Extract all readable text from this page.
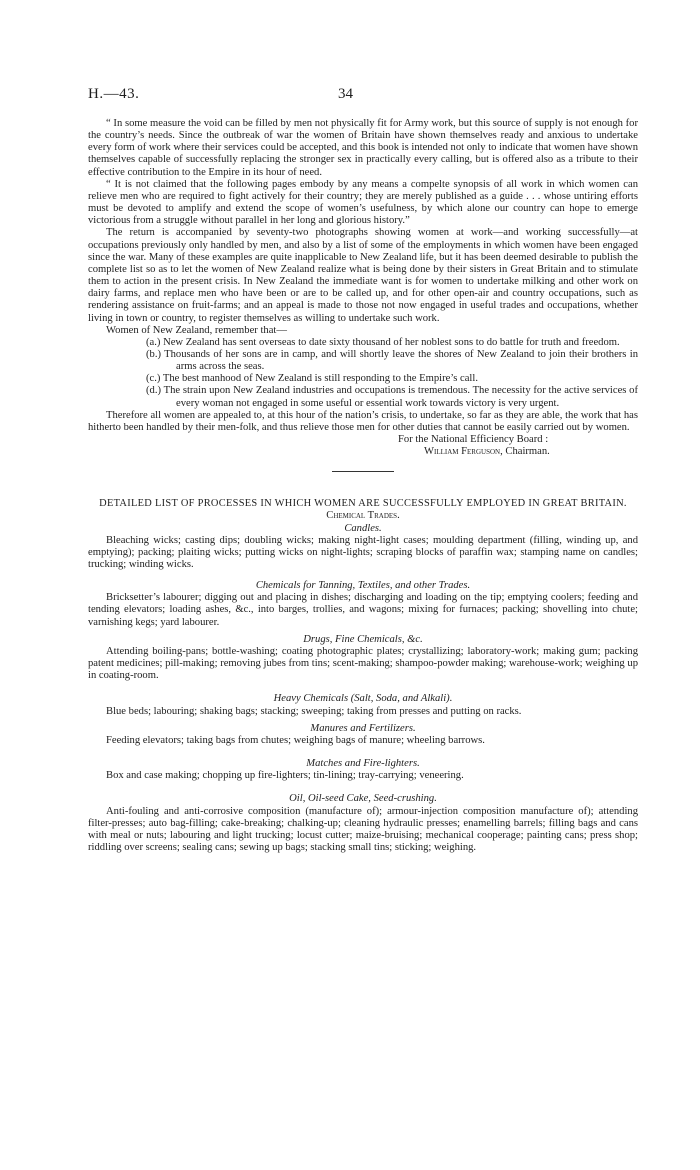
H.—43.	34

“ In some measure the void can be filled by men not physically fit for Army work, but this source of supply is not enough for the country’s needs. Since the outbreak of war the women of Britain have shown themselves ready and anxious to undertake every form of work where their services could be accepted, and this book is intended not only to indicate that women have shown themselves capable of successfully replacing the stronger sex in practically every calling, but is offered also as a tribute to their effective contribution to the Empire in its hour of need.

“ It is not claimed that the following pages embody by any means a compelte synopsis of all work in which women can relieve men who are required to fight actively for their country; they are merely published as a guide . . . whose untiring efforts must be devoted to amplify and extend the scope of women’s usefulness, by which alone our country can hope to emerge victorious from a struggle without parallel in her long and glorious history.”

The return is accompanied by seventy-two photographs showing women at work—and working successfully—at occupations previously only handled by men, and also by a list of some of the employments in which women have been engaged since the war. Many of these examples are quite inapplicable to New Zealand life, but it has been deemed desirable to publish the complete list so as to let the women of New Zealand realize what is being done by their sisters in Great Britain and to stimulate them to action in the present crisis. In New Zealand the immediate want is for women to undertake milking and other work on dairy farms, and replace men who have been or are to be called up, and for other open-air and country occupations, such as rendering assistance on fruit-farms; and an appeal is made to those not now engaged in useful trades and occupations, whether living in town or country, to register themselves as willing to undertake such work.

Women of New Zealand, remember that—

(a.) New Zealand has sent overseas to date sixty thousand of her noblest sons to do battle for truth and freedom.
(b.) Thousands of her sons are in camp, and will shortly leave the shores of New Zealand to join their brothers in arms across the seas.
(c.) The best manhood of New Zealand is still responding to the Empire’s call.
(d.) The strain upon New Zealand industries and occupations is tremendous. The necessity for the active services of every woman not engaged in some useful or essential work towards victory is very urgent.

Therefore all women are appealed to, at this hour of the nation’s crisis, to undertake, so far as they are able, the work that has hitherto been handled by their men-folk, and thus relieve those men for other duties that cannot be easily carried out by women.

For the National Efficiency Board :

William Ferguson, Chairman.

DETAILED LIST OF PROCESSES IN WHICH WOMEN ARE SUCCESSFULLY EMPLOYED IN GREAT BRITAIN.

Chemical Trades.

Candles.

Bleaching wicks; casting dips; doubling wicks; making night-light cases; moulding department (filling, winding up, and emptying); packing; plaiting wicks; putting wicks on night-lights; scraping blocks of paraffin wax; stamping name on candles; trucking; winding wicks.

Chemicals for Tanning, Textiles, and other Trades.

Bricksetter’s labourer; digging out and placing in dishes; discharging and loading on the tip; emptying coolers; feeding and tending elevators; loading ashes, &c., into barges, trollies, and wagons; mixing for furnaces; packing; shovelling into chute; varnishing kegs; yard labourer.

Drugs, Fine Chemicals, &c.

Attending boiling-pans; bottle-washing; coating photographic plates; crystallizing; laboratory-work; making gum; packing patent medicines; pill-making; removing jubes from tins; scent-making; shampoo-powder making; warehouse-work; weighing up in coating-room.

Heavy Chemicals (Salt, Soda, and Alkali).

Blue beds; labouring; shaking bags; stacking; sweeping; taking from presses and putting on racks.

Manures and Fertilizers.

Feeding elevators; taking bags from chutes; weighing bags of manure; wheeling barrows.

Matches and Fire-lighters.

Box and case making; chopping up fire-lighters; tin-lining; tray-carrying; veneering.

Oil, Oil-seed Cake, Seed-crushing.

Anti-fouling and anti-corrosive composition (manufacture of); armour-injection composition manufacture of); attending filter-presses; auto bag-filling; cake-breaking; chalking-up; cleaning hydraulic presses; enamelling barrels; filling bags and cans with meal or nuts; labouring and light trucking; locust cutter; maize-bruising; mechanical cooperage; painting cans; press shop; riddling over screens; sealing cans; sewing up bags; stacking small tins; sticking; weighing.
